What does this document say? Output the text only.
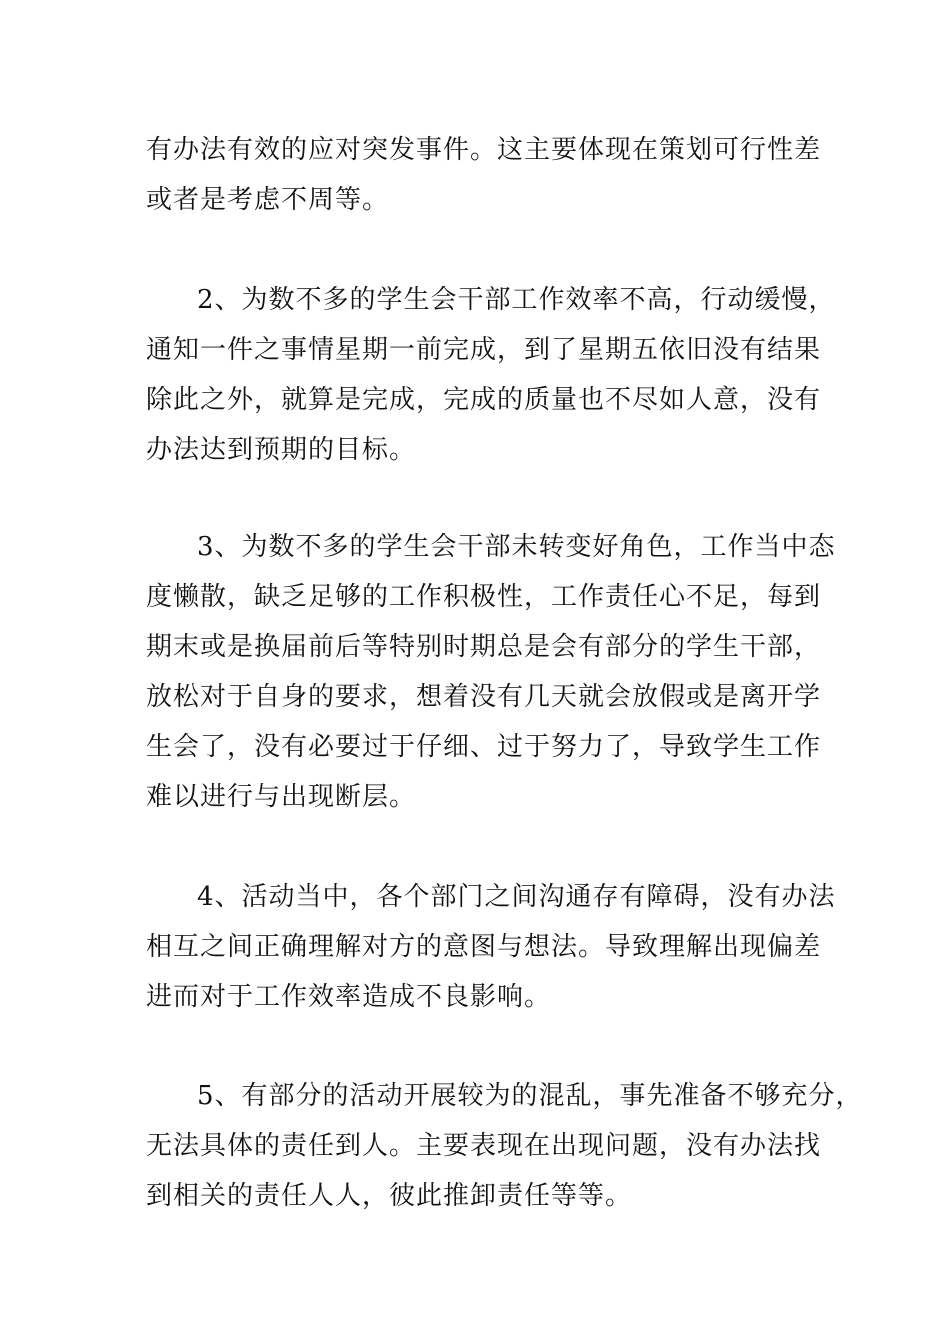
有办法有效的应对突发事件。这主要体现在策划可行性差
或者是考虑不周等。
2、为数不多的学生会干部工作效率不高，行动缓慢，
通知一件之事情星期一前完成，到了星期五依旧没有结果
除此之外，就算是完成，完成的质量也不尽如人意，没有
办法达到预期的目标。
3、为数不多的学生会干部未转变好角色，工作当中态
度懒散，缺乏足够的工作积极性，工作责任心不足，每到
期末或是换届前后等特别时期总是会有部分的学生干部，
放松对于自身的要求，想着没有几天就会放假或是离开学
生会了，没有必要过于仔细、过于努力了，导致学生工作
难以进行与出现断层。
4、活动当中，各个部门之间沟通存有障碍，没有办法
相互之间正确理解对方的意图与想法。导致理解出现偏差
进而对于工作效率造成不良影响。
5、有部分的活动开展较为的混乱，事先准备不够充分，
无法具体的责任到人。主要表现在出现问题，没有办法找
到相关的责任人人，彼此推卸责任等等。
